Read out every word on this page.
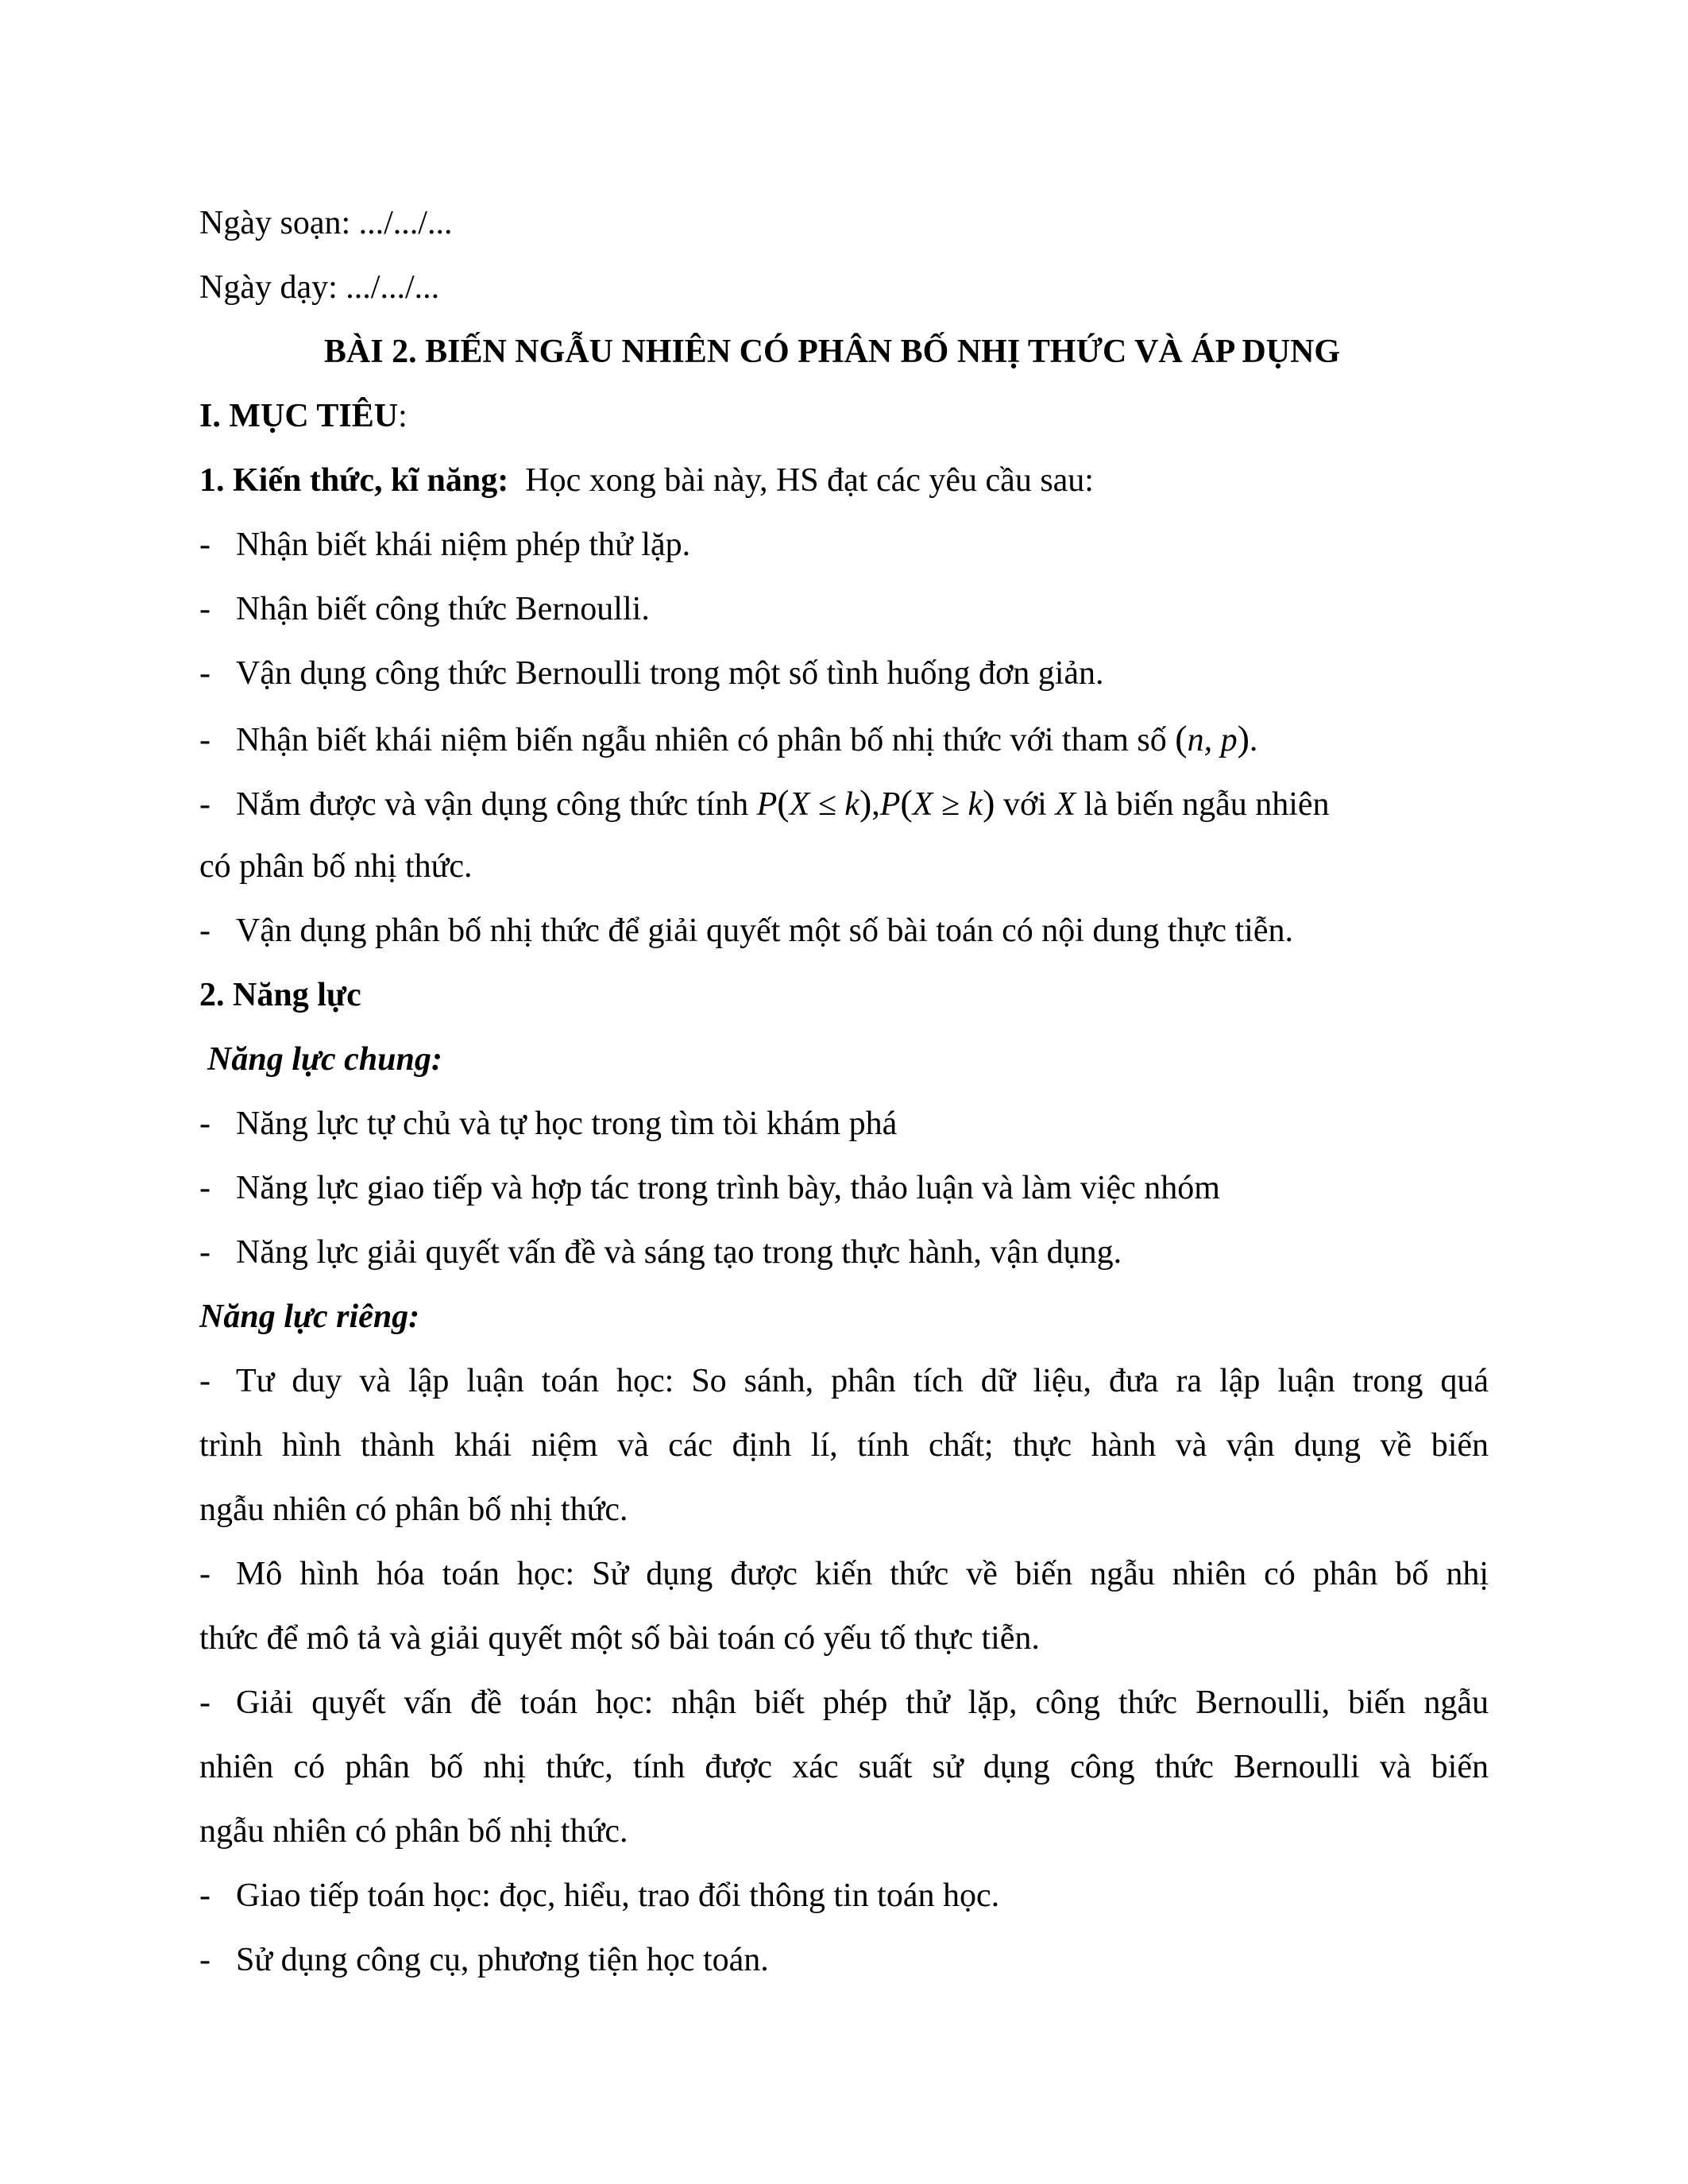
Ngày soạn: .../.../...
Ngày dạy: .../.../...
BÀI 2. BIẾN NGẪU NHIÊN CÓ PHÂN BỐ NHỊ THỨC VÀ ÁP DỤNG
I. MỤC TIÊU:
1. Kiến thức, kĩ năng: Học xong bài này, HS đạt các yêu cầu sau:
- Nhận biết khái niệm phép thử lặp.
- Nhận biết công thức Bernoulli.
- Vận dụng công thức Bernoulli trong một số tình huống đơn giản.
- Nhận biết khái niệm biến ngẫu nhiên có phân bố nhị thức với tham số (n, p).
- Nắm được và vận dụng công thức tính P(X ≤ k),P(X ≥ k) với X là biến ngẫu nhiên
có phân bố nhị thức.
- Vận dụng phân bố nhị thức để giải quyết một số bài toán có nội dung thực tiễn.
2. Năng lực
Năng lực chung:
- Năng lực tự chủ và tự học trong tìm tòi khám phá
- Năng lực giao tiếp và hợp tác trong trình bày, thảo luận và làm việc nhóm
- Năng lực giải quyết vấn đề và sáng tạo trong thực hành, vận dụng.
Năng lực riêng:
- Tư duy và lập luận toán học: So sánh, phân tích dữ liệu, đưa ra lập luận trong quá
trình hình thành khái niệm và các định lí, tính chất; thực hành và vận dụng về biến
ngẫu nhiên có phân bố nhị thức.
- Mô hình hóa toán học: Sử dụng được kiến thức về biến ngẫu nhiên có phân bố nhị
thức để mô tả và giải quyết một số bài toán có yếu tố thực tiễn.
- Giải quyết vấn đề toán học: nhận biết phép thử lặp, công thức Bernoulli, biến ngẫu
nhiên có phân bố nhị thức, tính được xác suất sử dụng công thức Bernoulli và biến
ngẫu nhiên có phân bố nhị thức.
- Giao tiếp toán học: đọc, hiểu, trao đổi thông tin toán học.
- Sử dụng công cụ, phương tiện học toán.
